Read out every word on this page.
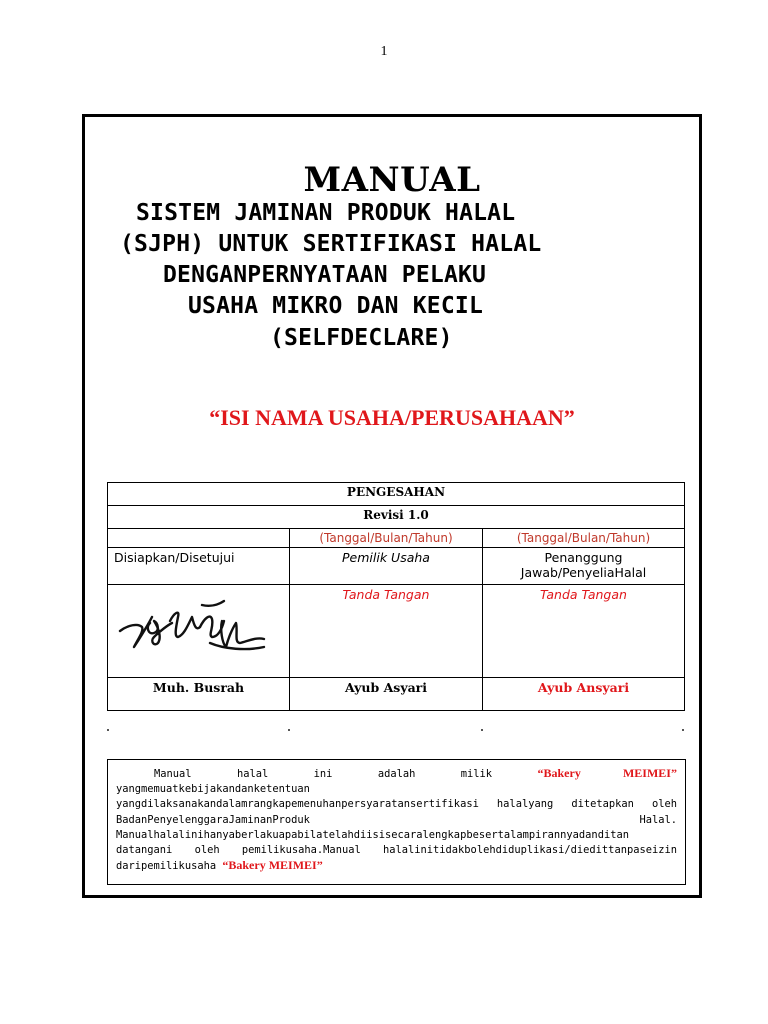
1
MANUAL
SISTEM JAMINAN PRODUK HALAL
(SJPH) UNTUK SERTIFIKASI HALAL
DENGANPERNYATAAN PELAKU
USAHA MIKRO DAN KECIL
(SELFDECLARE)
“ISI NAMA USAHA/PERUSAHAAN”
PENGESAHAN		
Revisi 1.0		
	(Tanggal/Bulan/Tahun)	(Tanggal/Bulan/Tahun)
Disiapkan/Disetujui	Pemilik Usaha	Penanggung Jawab/PenyeliaHalal
	Tanda Tangan	Tanda Tangan
Muh. Busrah	Ayub Asyari	Ayub Ansyari

Manual halal ini adalah milik	“Bakery MEIMEI”

yangmemuatkebijakandanketentuan yangdilaksanakandalamrangkapemenuhanpersyaratansertifikasi halalyang ditetapkan oleh BadanPenyelenggaraJaminanProduk Halal. Manualhalalinihanyaberlakuapabilatelahdiisisecaralengkapbesertalampirannyadanditan datangani oleh pemilikusaha.Manual halalinitidakbolehdiduplikasi/diedittanpaseizin daripemilikusaha “Bakery MEIMEI”
